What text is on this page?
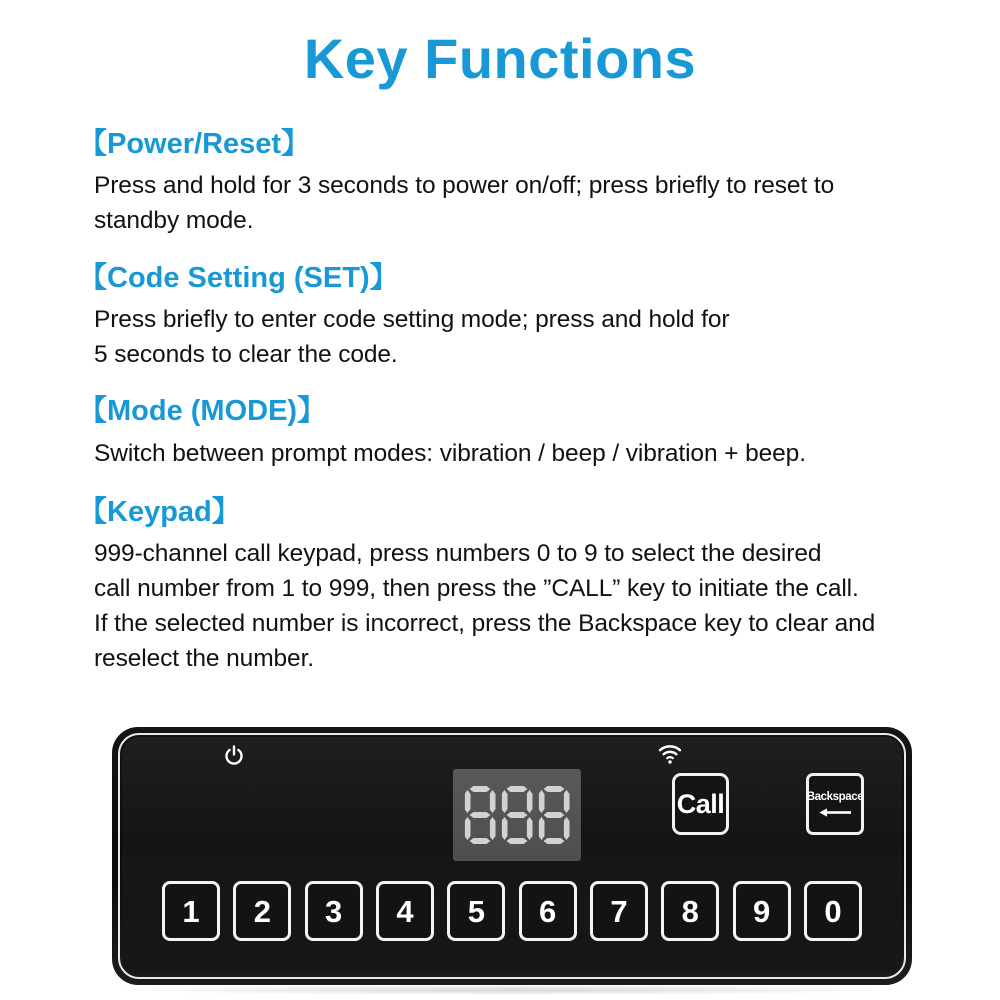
Key Functions
【Power/Reset】
Press and hold for 3 seconds to power on/off; press briefly to reset to
standby mode.
【Code Setting (SET)】
Press briefly to enter code setting mode; press and hold for
5 seconds to clear the code.
【Mode (MODE)】
Switch between prompt modes: vibration / beep / vibration + beep.
【Keypad】
999-channel call keypad, press numbers 0 to 9 to select the desired
call number from 1 to 999, then press the ”CALL” key to initiate the call.
If the selected number is incorrect, press the Backspace key to clear and
reselect the number.
Call	Backspace
1 2 3 4 5 6 7 8 9 0
